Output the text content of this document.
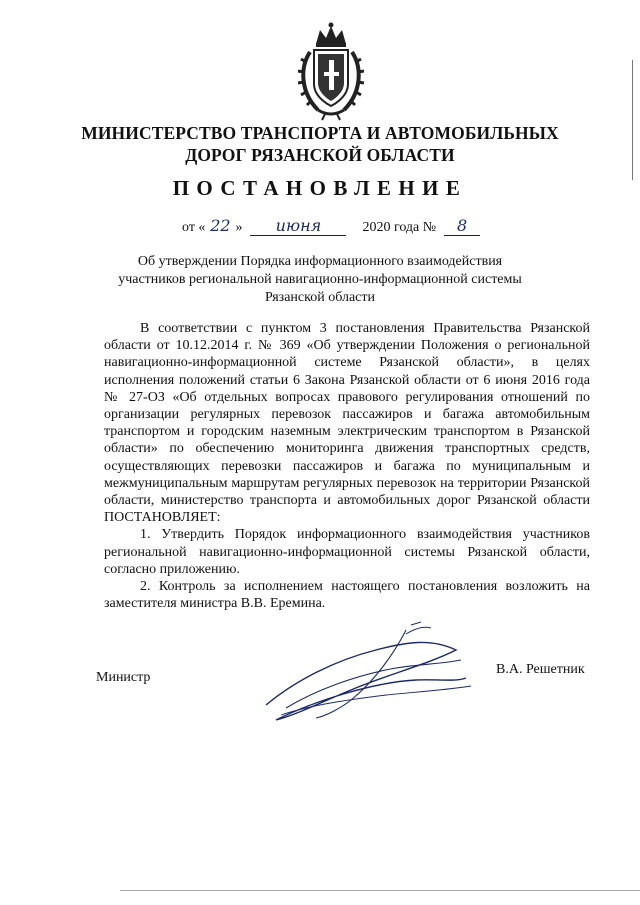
МИНИСТЕРСТВО ТРАНСПОРТА И АВТОМОБИЛЬНЫХ
ДОРОГ РЯЗАНСКОЙ ОБЛАСТИ
ПОСТАНОВЛЕНИЕ
от « 22 » июня	2020 года № 8
Об утверждении Порядка информационного взаимодействия
участников региональной навигационно-информационной системы
Рязанской области

В соответствии с пунктом 3 постановления Правительства Рязанской области от 10.12.2014 г. № 369 «Об утверждении Положения о региональной навигационно-информационной системе Рязанской области», в целях исполнения положений статьи 6 Закона Рязанской области от 6 июня 2016 года № 27-ОЗ «Об отдельных вопросах правового регулирования отношений по организации регулярных перевозок пассажиров и багажа автомобильным транспортом и городским наземным электрическим транспортом в Рязанской области» по обеспечению мониторинга движения транспортных средств, осуществляющих перевозки пассажиров и багажа по муниципальным и межмуниципальным маршрутам регулярных перевозок на территории Рязанской области, министерство транспорта и автомобильных дорог Рязанской области ПОСТАНОВЛЯЕТ:

1. Утвердить Порядок информационного взаимодействия участников региональной навигационно-информационной системы Рязанской области, согласно приложению.

2. Контроль за исполнением настоящего постановления возложить на заместителя министра В.В. Еремина.

Министр
В.А. Решетник
